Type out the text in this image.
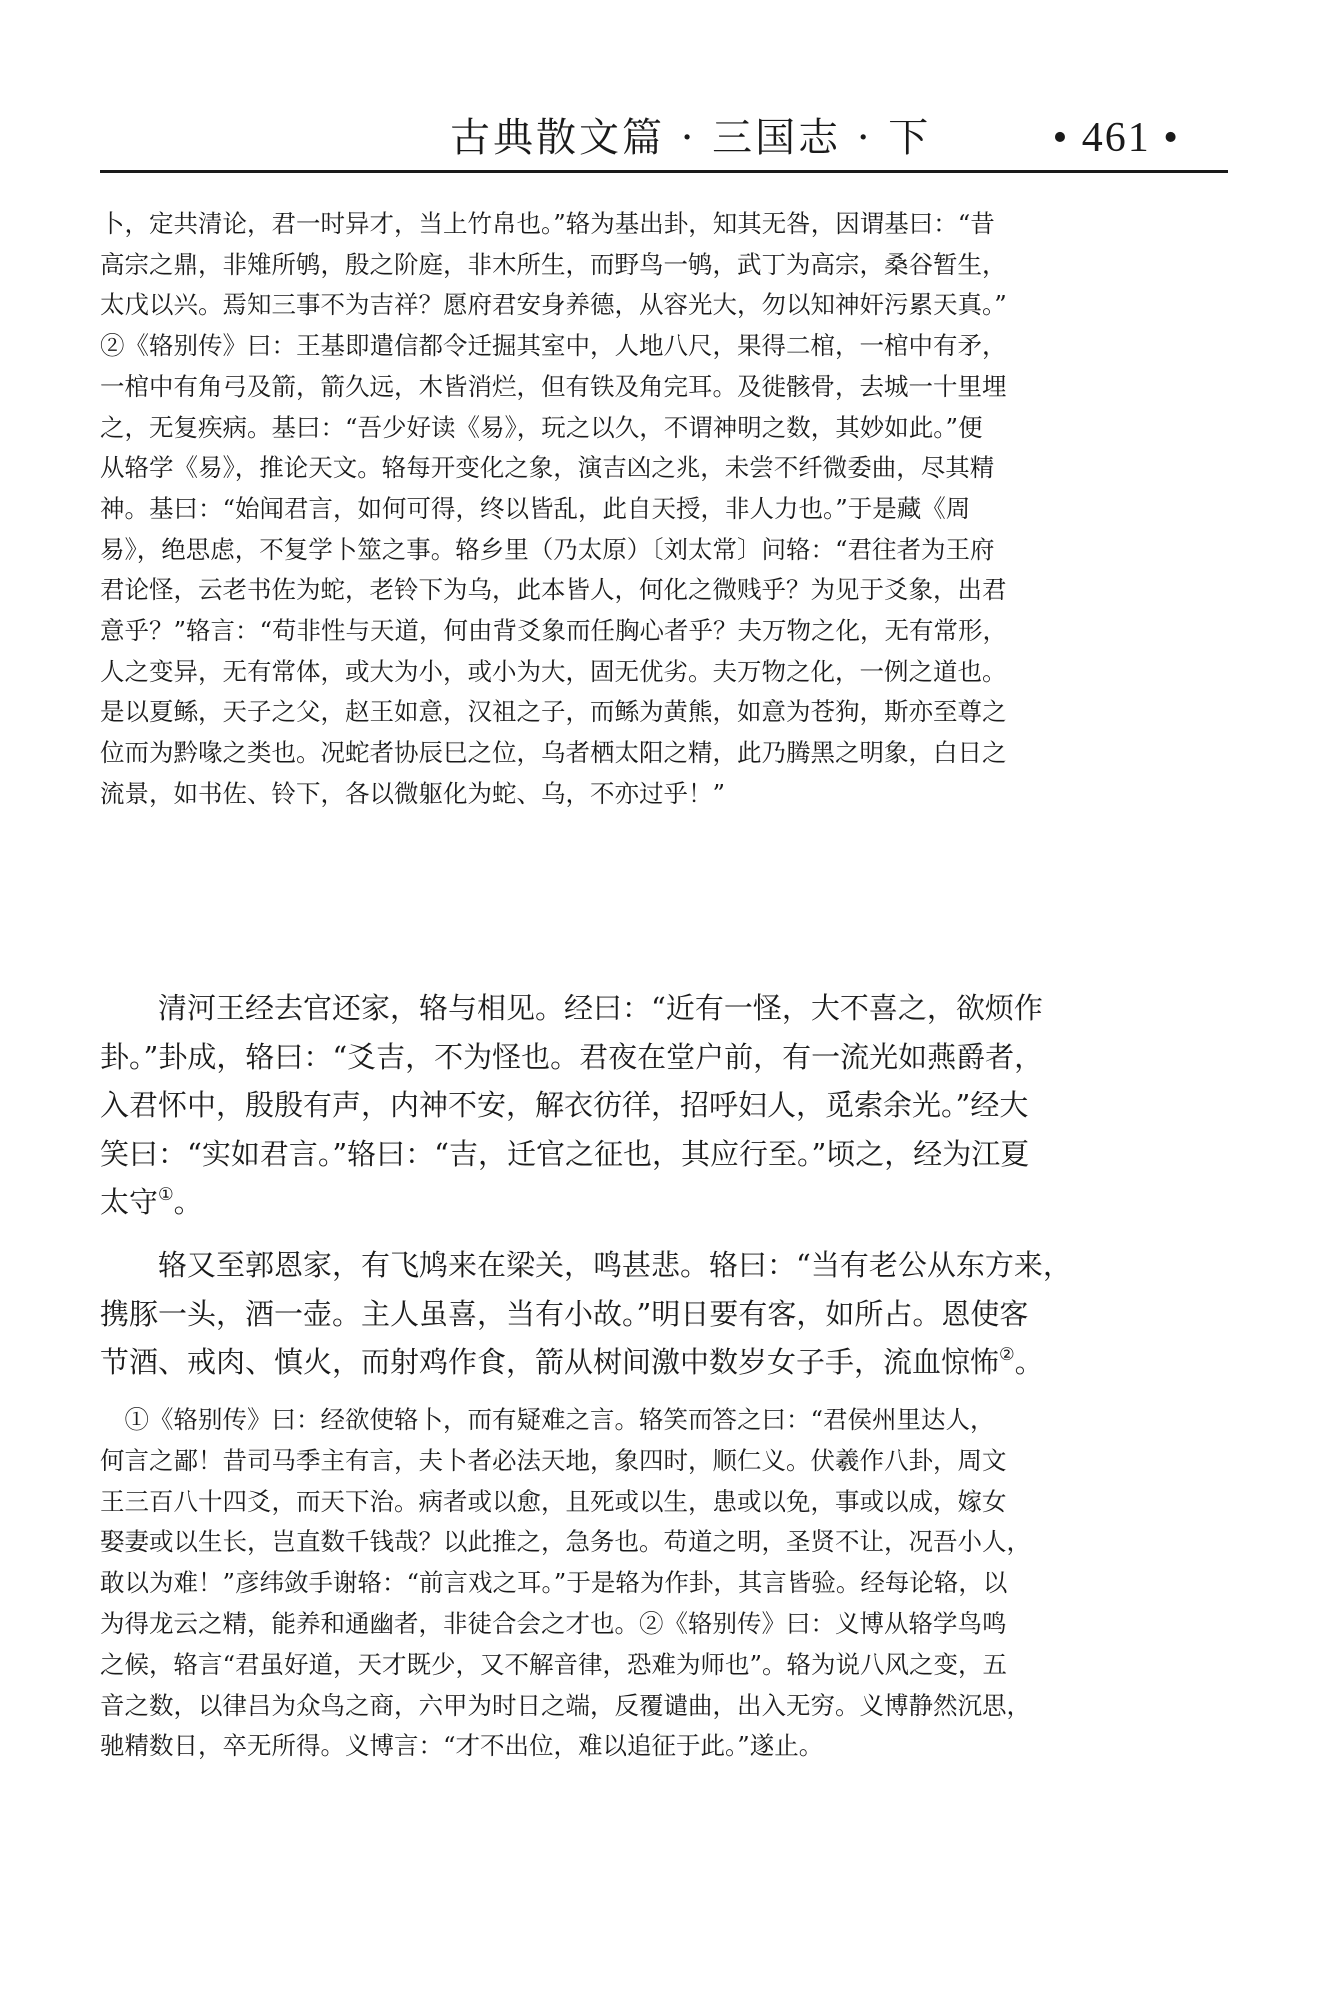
古典散文篇 · 三国志 · 下	• 461 •
卜，定共清论，君一时异才，当上竹帛也。”辂为基出卦，知其无咎，因谓基曰：“昔
高宗之鼎，非雉所鸲，殷之阶庭，非木所生，而野鸟一鸲，武丁为高宗，桑谷暂生，
太戊以兴。焉知三事不为吉祥？愿府君安身养德，从容光大，勿以知神奸污累天真。”
②《辂别传》曰：王基即遣信都令迁掘其室中，人地八尺，果得二棺，一棺中有矛，
一棺中有角弓及箭，箭久远，木皆消烂，但有铁及角完耳。及徙骸骨，去城一十里埋
之，无复疾病。基曰：“吾少好读《易》，玩之以久，不谓神明之数，其妙如此。”便
从辂学《易》，推论天文。辂每开变化之象，演吉凶之兆，未尝不纤微委曲，尽其精
神。基曰：“始闻君言，如何可得，终以皆乱，此自天授，非人力也。”于是藏《周
易》，绝思虑，不复学卜筮之事。辂乡里（乃太原）〔刘太常〕问辂：“君往者为王府
君论怪，云老书佐为蛇，老铃下为乌，此本皆人，何化之微贱乎？为见于爻象，出君
意乎？”辂言：“苟非性与天道，何由背爻象而任胸心者乎？夫万物之化，无有常形，
人之变异，无有常体，或大为小，或小为大，固无优劣。夫万物之化，一例之道也。
是以夏鲧，天子之父，赵王如意，汉祖之子，而鲧为黄熊，如意为苍狗，斯亦至尊之
位而为黔喙之类也。况蛇者协辰巳之位，乌者栖太阳之精，此乃腾黑之明象，白日之
流景，如书佐、铃下，各以微躯化为蛇、乌，不亦过乎！”
　　清河王经去官还家，辂与相见。经曰：“近有一怪，大不喜之，欲烦作
卦。”卦成，辂曰：“爻吉，不为怪也。君夜在堂户前，有一流光如燕爵者，
入君怀中，殷殷有声，内神不安，解衣彷徉，招呼妇人，觅索余光。”经大
笑曰：“实如君言。”辂曰：“吉，迁官之征也，其应行至。”顷之，经为江夏
太守①。
　　辂又至郭恩家，有飞鸠来在梁关，鸣甚悲。辂曰：“当有老公从东方来，
携豚一头，酒一壶。主人虽喜，当有小故。”明日要有客，如所占。恩使客
节酒、戒肉、慎火，而射鸡作食，箭从树间激中数岁女子手，流血惊怖②。
　①《辂别传》曰：经欲使辂卜，而有疑难之言。辂笑而答之曰：“君侯州里达人，
何言之鄙！昔司马季主有言，夫卜者必法天地，象四时，顺仁义。伏羲作八卦，周文
王三百八十四爻，而天下治。病者或以愈，且死或以生，患或以免，事或以成，嫁女
娶妻或以生长，岂直数千钱哉？以此推之，急务也。苟道之明，圣贤不让，况吾小人，
敢以为难！”彦纬敛手谢辂：“前言戏之耳。”于是辂为作卦，其言皆验。经每论辂，以
为得龙云之精，能养和通幽者，非徒合会之才也。②《辂别传》曰：义博从辂学鸟鸣
之候，辂言“君虽好道，天才既少，又不解音律，恐难为师也”。辂为说八风之变，五
音之数，以律吕为众鸟之商，六甲为时日之端，反覆谴曲，出入无穷。义博静然沉思，
驰精数日，卒无所得。义博言：“才不出位，难以追征于此。”遂止。
